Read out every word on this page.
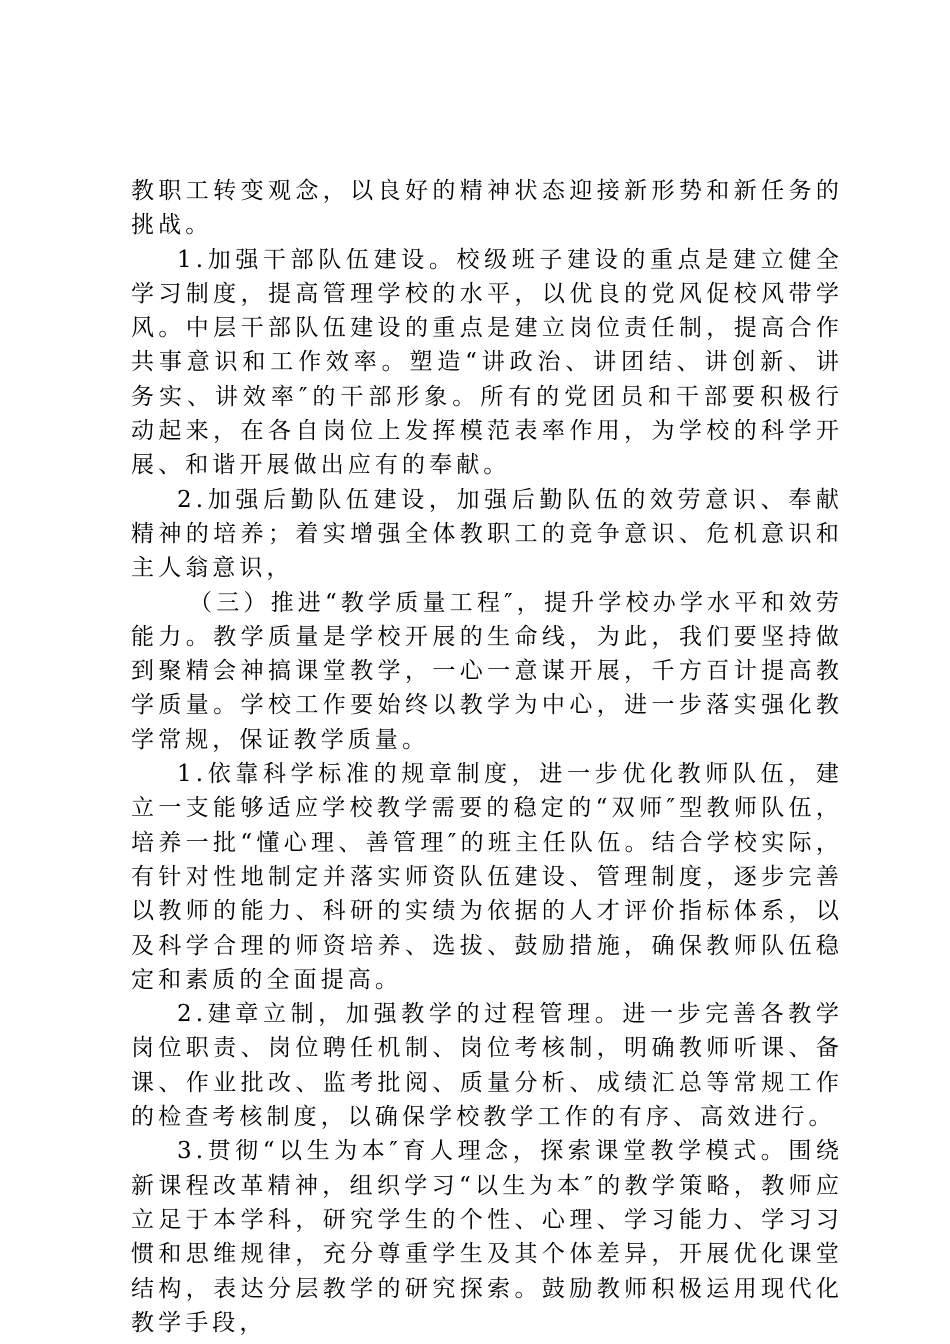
教职工转变观念，以良好的精神状态迎接新形势和新任务的挑战。

1.加强干部队伍建设。校级班子建设的重点是建立健全学习制度，提高管理学校的水平，以优良的党风促校风带学风。中层干部队伍建设的重点是建立岗位责任制，提高合作共事意识和工作效率。塑造“讲政治、讲团结、讲创新、讲务实、讲效率″的干部形象。所有的党团员和干部要积极行动起来，在各自岗位上发挥模范表率作用，为学校的科学开展、和谐开展做出应有的奉献。

2.加强后勤队伍建设，加强后勤队伍的效劳意识、奉献精神的培养；着实增强全体教职工的竞争意识、危机意识和主人翁意识，

（三）推进“教学质量工程″，提升学校办学水平和效劳能力。教学质量是学校开展的生命线，为此，我们要坚持做到聚精会神搞课堂教学，一心一意谋开展，千方百计提高教学质量。学校工作要始终以教学为中心，进一步落实强化教学常规，保证教学质量。

1.依靠科学标准的规章制度，进一步优化教师队伍，建立一支能够适应学校教学需要的稳定的“双师″型教师队伍，培养一批“懂心理、善管理″的班主任队伍。结合学校实际，有针对性地制定并落实师资队伍建设、管理制度，逐步完善以教师的能力、科研的实绩为依据的人才评价指标体系，以及科学合理的师资培养、选拔、鼓励措施，确保教师队伍稳定和素质的全面提高。

2.建章立制，加强教学的过程管理。进一步完善各教学岗位职责、岗位聘任机制、岗位考核制，明确教师听课、备课、作业批改、监考批阅、质量分析、成绩汇总等常规工作的检查考核制度，以确保学校教学工作的有序、高效进行。

3.贯彻“以生为本″育人理念，探索课堂教学模式。围绕新课程改革精神，组织学习“以生为本″的教学策略，教师应立足于本学科，研究学生的个性、心理、学习能力、学习习惯和思维规律，充分尊重学生及其个体差异，开展优化课堂结构，表达分层教学的研究探索。鼓励教师积极运用现代化教学手段，
